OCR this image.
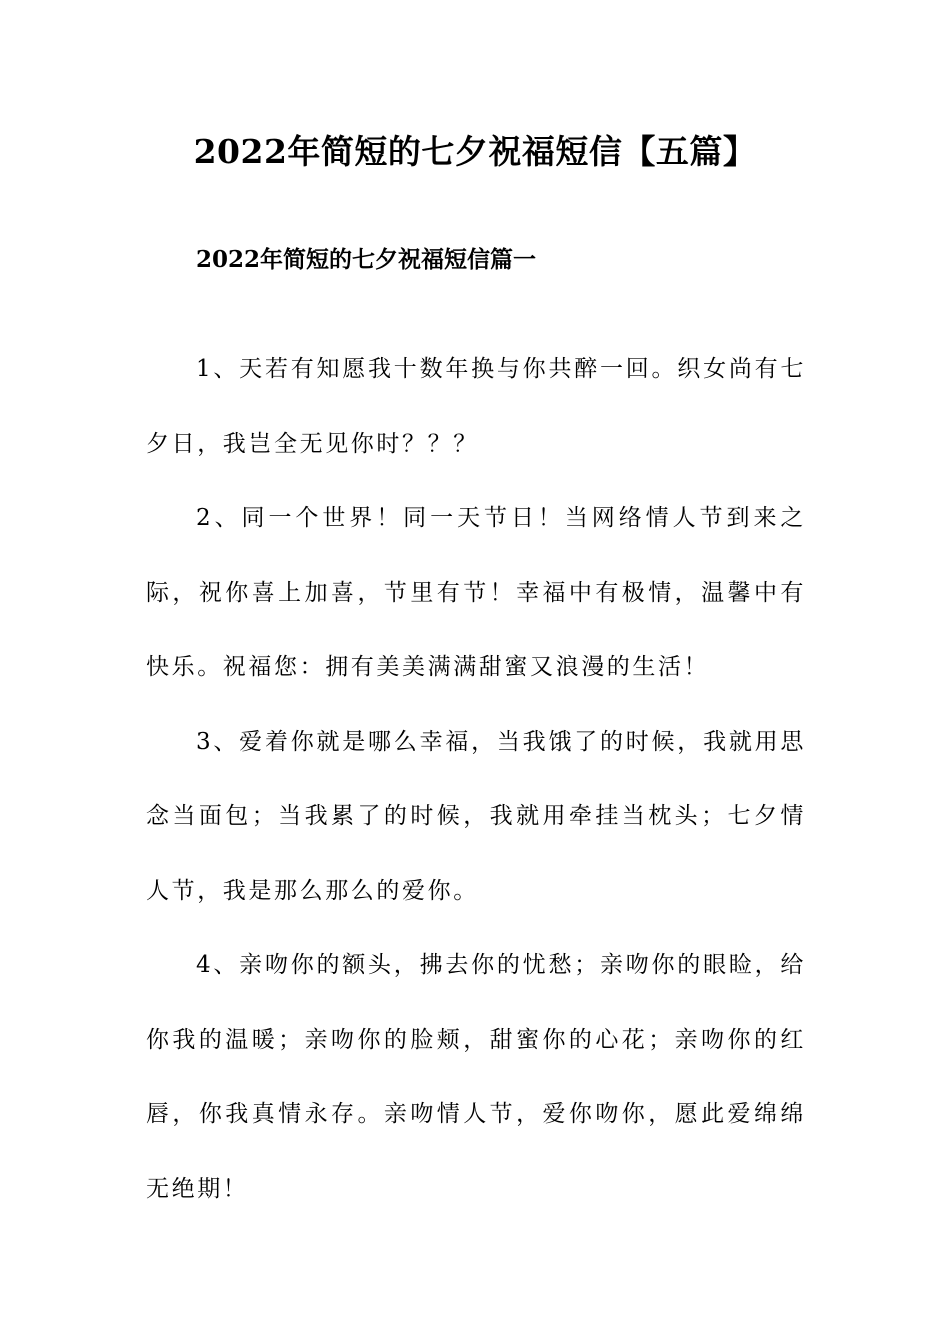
2022年简短的七夕祝福短信【五篇】
2022年简短的七夕祝福短信篇一

1、天若有知愿我十数年换与你共醉一回。织女尚有七夕日，我岂全无见你时？？？

2、同一个世界！同一天节日！当网络情人节到来之际，祝你喜上加喜，节里有节！幸福中有极情，温馨中有快乐。祝福您：拥有美美满满甜蜜又浪漫的生活！

3、爱着你就是哪么幸福，当我饿了的时候，我就用思念当面包；当我累了的时候，我就用牵挂当枕头；七夕情人节，我是那么那么的爱你。

4、亲吻你的额头，拂去你的忧愁；亲吻你的眼睑，给你我的温暖；亲吻你的脸颊，甜蜜你的心花；亲吻你的红唇，你我真情永存。亲吻情人节，爱你吻你，愿此爱绵绵无绝期！
